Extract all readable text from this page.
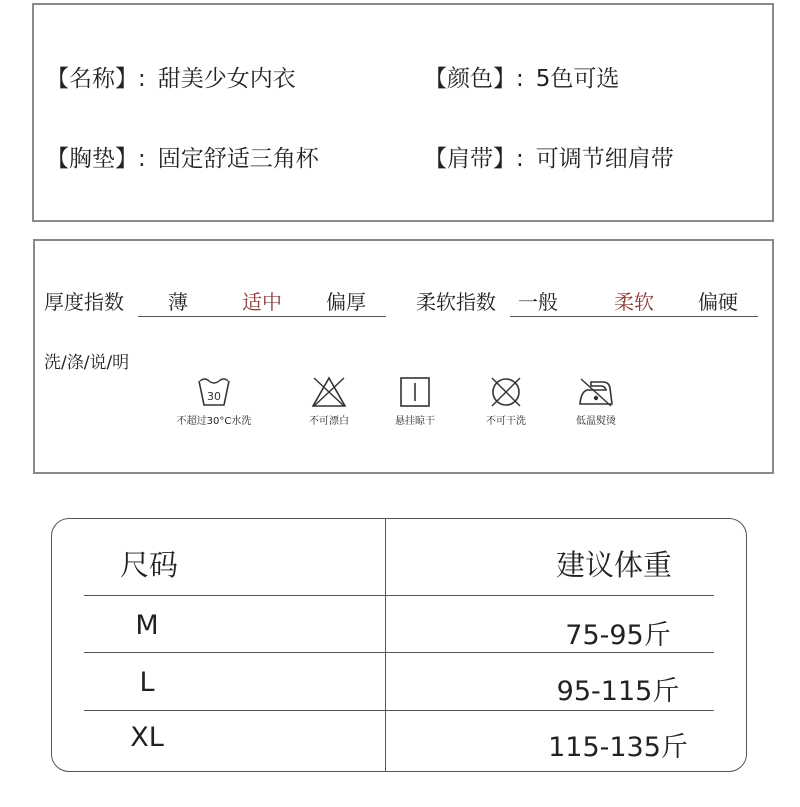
【名称】: 甜美少女内衣	【颜色】: 5色可选
【胸垫】: 固定舒适三角杯	【肩带】: 可调节细肩带
厚度指数 薄	适中 偏厚	柔软指数 一般	柔软 偏硬
洗/涤/说/明
30
不超过30°C水洗	不可漂白	悬挂晾干	不可干洗	低温熨烫
尺码	建议体重
M	75-95斤
L	95-115斤
XL	115-135斤
